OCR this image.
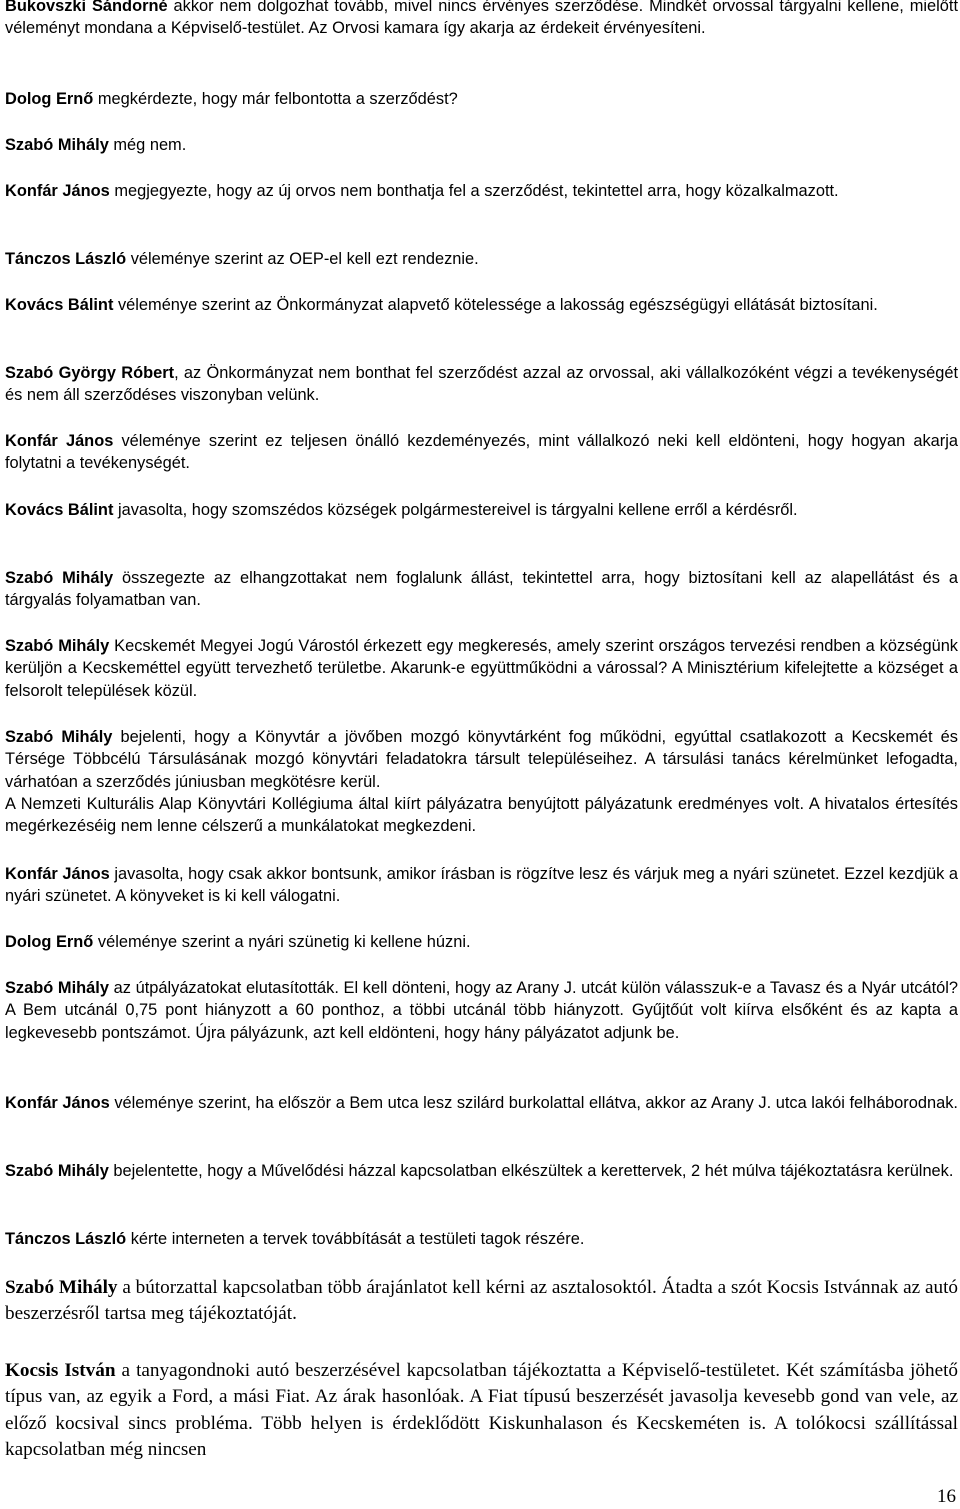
Bukovszki Sándorné akkor nem dolgozhat tovább, mivel nincs érvényes szerződése. Mindkét orvossal tárgyalni kellene, mielőtt véleményt mondana a Képviselő-testület. Az Orvosi kamara így akarja az érdekeit érvényesíteni.

Dolog Ernő megkérdezte, hogy már felbontotta a szerződést?

Szabó Mihály még nem.

Konfár János megjegyezte, hogy az új orvos nem bonthatja fel a szerződést, tekintettel arra, hogy közalkalmazott.

Tánczos László véleménye szerint az OEP-el kell ezt rendeznie.

Kovács Bálint véleménye szerint az Önkormányzat alapvető kötelessége a lakosság egészségügyi ellátását biztosítani.

Szabó György Róbert, az Önkormányzat nem bonthat fel szerződést azzal az orvossal, aki vállalkozóként végzi a tevékenységét és nem áll szerződéses viszonyban velünk.

Konfár János véleménye szerint ez teljesen önálló kezdeményezés, mint vállalkozó neki kell eldönteni, hogy hogyan akarja folytatni a tevékenységét.

Kovács Bálint javasolta, hogy szomszédos községek polgármestereivel is tárgyalni kellene erről a kérdésről.

Szabó Mihály összegezte az elhangzottakat nem foglalunk állást, tekintettel arra, hogy biztosítani kell az alapellátást és a tárgyalás folyamatban van.

Szabó Mihály Kecskemét Megyei Jogú Várostól érkezett egy megkeresés, amely szerint országos tervezési rendben a községünk kerüljön a Kecskeméttel együtt tervezhető területbe. Akarunk-e együttműködni a várossal? A Minisztérium kifelejtette a községet a felsorolt települések közül.

Szabó Mihály bejelenti, hogy a Könyvtár a jövőben mozgó könyvtárként fog működni, egyúttal csatlakozott a Kecskemét és Térsége Többcélú Társulásának mozgó könyvtári feladatokra társult településeihez. A társulási tanács kérelmünket lefogadta, várhatóan a szerződés júniusban megkötésre kerül.

A Nemzeti Kulturális Alap Könyvtári Kollégiuma által kiírt pályázatra benyújtott pályázatunk eredményes volt. A hivatalos értesítés megérkezéséig nem lenne célszerű a munkálatokat megkezdeni.

Konfár János javasolta, hogy csak akkor bontsunk, amikor írásban is rögzítve lesz és várjuk meg a nyári szünetet. Ezzel kezdjük a nyári szünetet. A könyveket is ki kell válogatni.

Dolog Ernő véleménye szerint a nyári szünetig ki kellene húzni.

Szabó Mihály az útpályázatokat elutasították. El kell dönteni, hogy az Arany J. utcát külön válasszuk-e a Tavasz és a Nyár utcától? A Bem utcánál 0,75 pont hiányzott a 60 ponthoz, a többi utcánál több hiányzott. Gyűjtőút volt kiírva elsőként és az kapta a legkevesebb pontszámot. Újra pályázunk, azt kell eldönteni, hogy hány pályázatot adjunk be.

Konfár János véleménye szerint, ha először a Bem utca lesz szilárd burkolattal ellátva, akkor az Arany J. utca lakói felháborodnak.

Szabó Mihály bejelentette, hogy a Művelődési házzal kapcsolatban elkészültek a kerettervek, 2 hét múlva tájékoztatásra kerülnek.

Tánczos László kérte interneten a tervek továbbítását a testületi tagok részére.

Szabó Mihály a bútorzattal kapcsolatban több árajánlatot kell kérni az asztalosoktól. Átadta a szót Kocsis Istvánnak az autó beszerzésről tartsa meg tájékoztatóját.

Kocsis István a tanyagondnoki autó beszerzésével kapcsolatban tájékoztatta a Képviselő-testületet. Két számításba jöhető típus van, az egyik a Ford, a mási Fiat. Az árak hasonlóak. A Fiat típusú beszerzését javasolja kevesebb gond van vele, az előző kocsival sincs probléma. Több helyen is érdeklődött Kiskunhalason és Kecskeméten is. A tolókocsi szállítással kapcsolatban még nincsen

16
